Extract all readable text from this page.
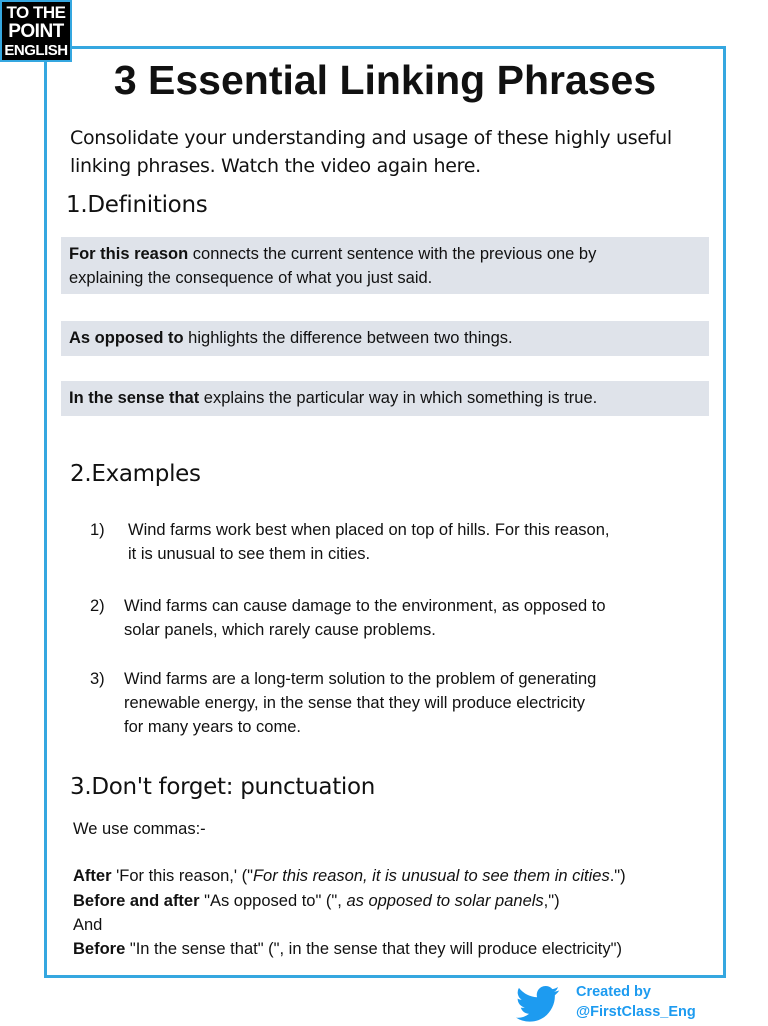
TO THE
POINT
ENGLISH
3 Essential Linking Phrases
Consolidate your understanding and usage of these highly useful
linking phrases. Watch the video again here.
1.Definitions
For this reason connects the current sentence with the previous one by
explaining the consequence of what you just said.
As opposed to highlights the difference between two things.
In the sense that explains the particular way in which something is true.
2.Examples
1) Wind farms work best when placed on top of hills. For this reason,
it is unusual to see them in cities.
2) Wind farms can cause damage to the environment, as opposed to
solar panels, which rarely cause problems.
3) Wind farms are a long-term solution to the problem of generating
renewable energy, in the sense that they will produce electricity
for many years to come.
3.Don't forget: punctuation
We use commas:-
After 'For this reason,' ("For this reason, it is unusual to see them in cities.")
Before and after "As opposed to" (", as opposed to solar panels,")
And
Before "In the sense that" (", in the sense that they will produce electricity")
Created by
@FirstClass_Eng
